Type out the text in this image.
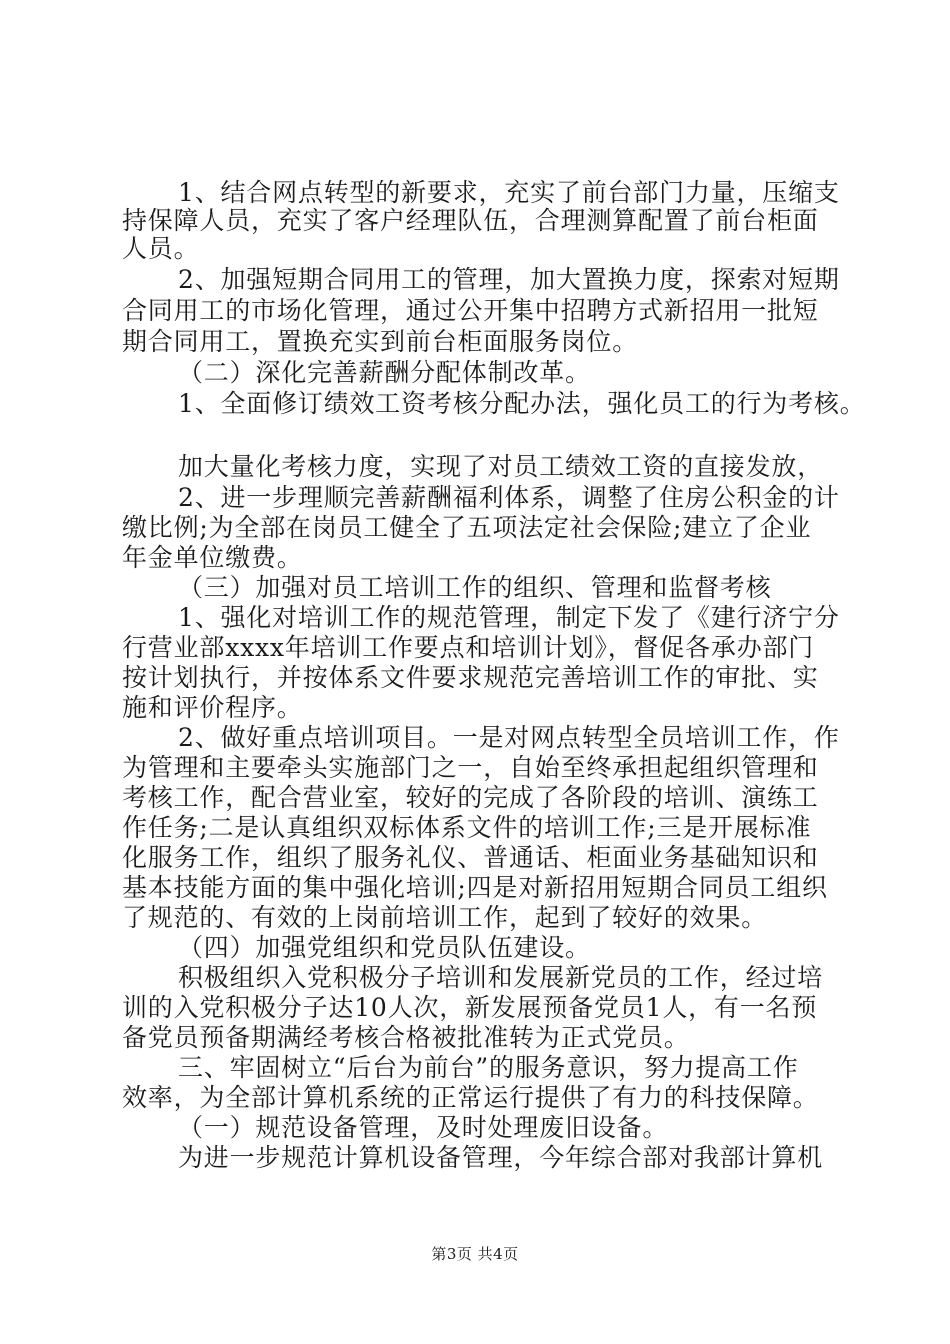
1、结合网点转型的新要求，充实了前台部门力量，压缩支
持保障人员，充实了客户经理队伍，合理测算配置了前台柜面
人员。
2、加强短期合同用工的管理，加大置换力度，探索对短期
合同用工的市场化管理，通过公开集中招聘方式新招用一批短
期合同用工，置换充实到前台柜面服务岗位。
（二）深化完善薪酬分配体制改革。
1、全面修订绩效工资考核分配办法，强化员工的行为考核。
加大量化考核力度，实现了对员工绩效工资的直接发放，
2、进一步理顺完善薪酬福利体系，调整了住房公积金的计
缴比例;为全部在岗员工健全了五项法定社会保险;建立了企业
年金单位缴费。
（三）加强对员工培训工作的组织、管理和监督考核
1、强化对培训工作的规范管理，制定下发了《建行济宁分
行营业部xxxx年培训工作要点和培训计划》，督促各承办部门
按计划执行，并按体系文件要求规范完善培训工作的审批、实
施和评价程序。
2、做好重点培训项目。一是对网点转型全员培训工作，作
为管理和主要牵头实施部门之一，自始至终承担起组织管理和
考核工作，配合营业室，较好的完成了各阶段的培训、演练工
作任务;二是认真组织双标体系文件的培训工作;三是开展标准
化服务工作，组织了服务礼仪、普通话、柜面业务基础知识和
基本技能方面的集中强化培训;四是对新招用短期合同员工组织
了规范的、有效的上岗前培训工作，起到了较好的效果。
（四）加强党组织和党员队伍建设。
积极组织入党积极分子培训和发展新党员的工作，经过培
训的入党积极分子达10人次，新发展预备党员1人，有一名预
备党员预备期满经考核合格被批准转为正式党员。
三、牢固树立“后台为前台”的服务意识，努力提高工作
效率，为全部计算机系统的正常运行提供了有力的科技保障。
（一）规范设备管理，及时处理废旧设备。
为进一步规范计算机设备管理，今年综合部对我部计算机
第3页 共4页
